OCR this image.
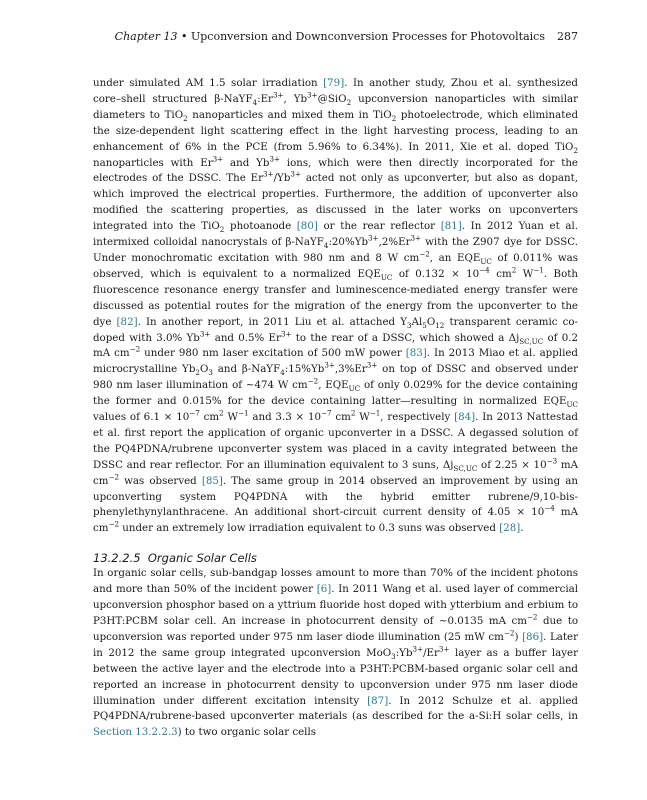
Chapter 13 • Upconversion and Downconversion Processes for Photovoltaics 287

under simulated AM 1.5 solar irradiation [79]. In another study, Zhou et al. synthesized core–shell structured $\beta-NaYF_4:Er^{3+}$, $Yb^{3+}@SiO_2$ upconversion nanoparticles with similar diameters to TiO$_2$ nanoparticles and mixed them in TiO$_2$ photoelectrode, which eliminated the size-dependent light scattering effect in the light harvesting process, leading to an enhancement of 6% in the PCE (from 5.96% to 6.34%). In 2011, Xie et al. doped TiO$_2$ nanoparticles with $Er^{3+}$ and $Yb^{3+}$ ions, which were then directly incorporated for the electrodes of the DSSC. The $Er^{3+}/Yb^{3+}$ acted not only as upconverter, but also as dopant, which improved the electrical properties. Furthermore, the addition of upconverter also modified the scattering properties, as discussed in the later works on upconverters integrated into the TiO$_2$ photoanode [80] or the rear reflector [81]. In 2012 Yuan et al. intermixed colloidal nanocrystals of $\beta-NaYF_4:20\%Yb^{3+},2\%Er^{3+}$ with the Z907 dye for DSSC. Under monochromatic excitation with 980 nm and 8 W $cm^{-2}$, an $EQE_{UC}$ of 0.011% was observed, which is equivalent to a normalized $EQE_{UC}$ of $0.132 \times 10^{-4}$ $cm^2$ $W^{-1}$. Both fluorescence resonance energy transfer and luminescence-mediated energy transfer were discussed as potential routes for the migration of the energy from the upconverter to the dye [82]. In another report, in 2011 Liu et al. attached $Y_3Al_5O_{12}$ transparent ceramic co-doped with 3.0% $Yb^{3+}$ and 0.5% $Er^{3+}$ to the rear of a DSSC, which showed a $\Delta j_{SC,UC}$ of 0.2 mA $cm^{-2}$ under 980 nm laser excitation of 500 mW power [83]. In 2013 Miao et al. applied microcrystalline $Yb_2O_3$ and $\beta-NaYF_4:15\%Yb^{3+},3\%Er^{3+}$ on top of DSSC and observed under 980 nm laser illumination of ~474 W $cm^{-2}$, $EQE_{UC}$ of only 0.029% for the device containing the former and 0.015% for the device containing latter—resulting in normalized $EQE_{UC}$ values of $6.1 \times 10^{-7}$ $cm^2$ $W^{-1}$ and $3.3 \times 10^{-7}$ $cm^2$ $W^{-1}$, respectively [84]. In 2013 Nattestad et al. first report the application of organic upconverter in a DSSC. A degassed solution of the PQ4PDNA/rubrene upconverter system was placed in a cavity integrated between the DSSC and rear reflector. For an illumination equivalent to 3 suns, $\Delta j_{SC,UC}$ of $2.25 \times 10^{-3}$ mA $cm^{-2}$ was observed [85]. The same group in 2014 observed an improvement by using an upconverting system PQ4PDNA with the hybrid emitter rubrene/9,10-bis-phenylethynylanthracene. An additional short-circuit current density of $4.05 \times 10^{-4}$ mA $cm^{-2}$ under an extremely low irradiation equivalent to 0.3 suns was observed [28].

13.2.2.5 Organic Solar Cells

In organic solar cells, sub-bandgap losses amount to more than 70% of the incident photons and more than 50% of the incident power [6]. In 2011 Wang et al. used layer of commercial upconversion phosphor based on a yttrium fluoride host doped with ytterbium and erbium to P3HT:PCBM solar cell. An increase in photocurrent density of ~0.0135 mA $cm^{-2}$ due to upconversion was reported under 975 nm laser diode illumination (25 mW $cm^{-2}$) [86]. Later in 2012 the same group integrated upconversion $MoO_3:Yb^{3+}/Er^{3+}$ layer as a buffer layer between the active layer and the electrode into a P3HT:PCBM-based organic solar cell and reported an increase in photocurrent density to upconversion under 975 nm laser diode illumination under different excitation intensity [87]. In 2012 Schulze et al. applied PQ4PDNA/rubrene-based upconverter materials (as described for the a-Si:H solar cells, in Section 13.2.2.3) to two organic solar cells
